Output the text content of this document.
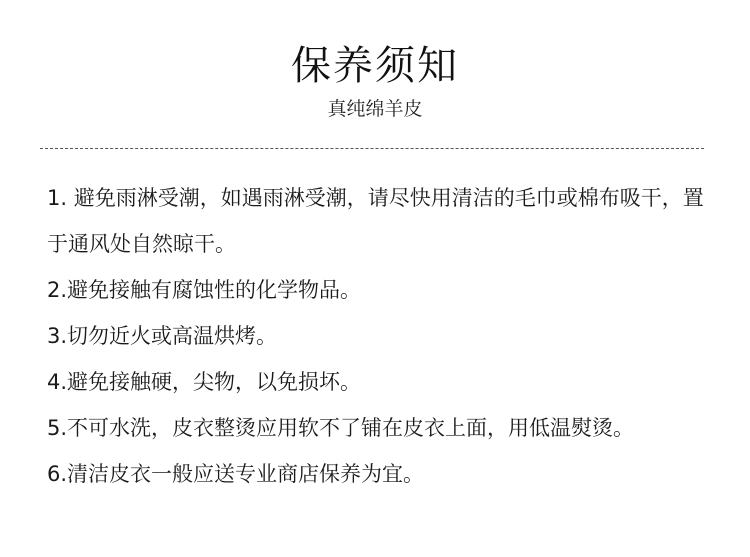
保养须知
真纯绵羊皮
1. 避免雨淋受潮，如遇雨淋受潮，请尽快用清洁的毛巾或棉布吸干，置于通风处自然晾干。
2.避免接触有腐蚀性的化学物品。
3.切勿近火或高温烘烤。
4.避免接触硬，尖物，以免损坏。
5.不可水洗，皮衣整烫应用软不了铺在皮衣上面，用低温熨烫。
6.清洁皮衣一般应送专业商店保养为宜。
